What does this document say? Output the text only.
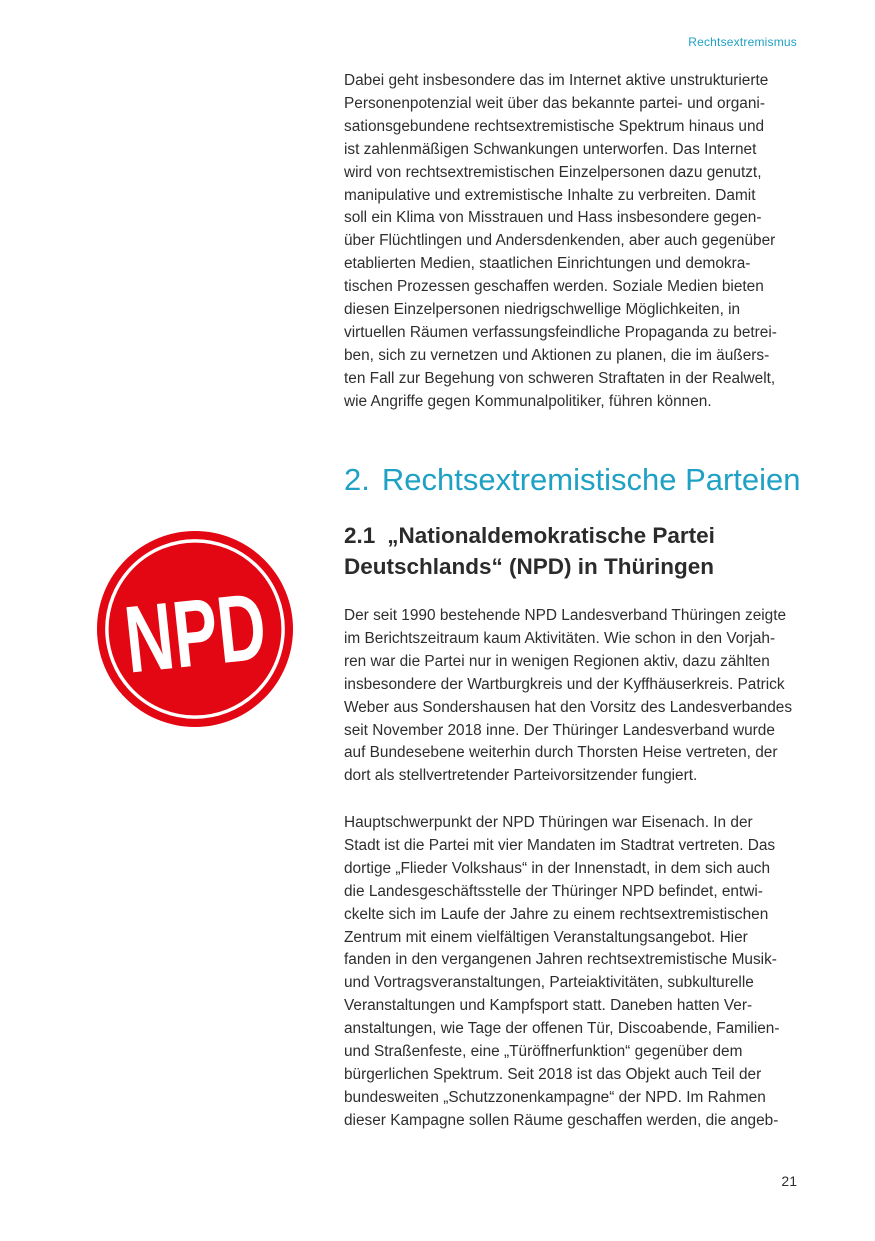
Rechtsextremismus
Dabei geht insbesondere das im Internet aktive unstrukturierte
Personenpotenzial weit über das bekannte partei- und organi-
sationsgebundene rechtsextremistische Spektrum hinaus und
ist zahlenmäßigen Schwankungen unterworfen. Das Internet
wird von rechtsextremistischen Einzelpersonen dazu genutzt,
manipulative und extremistische Inhalte zu verbreiten. Damit
soll ein Klima von Misstrauen und Hass insbesondere gegen-
über Flüchtlingen und Andersdenkenden, aber auch gegenüber
etablierten Medien, staatlichen Einrichtungen und demokra-
tischen Prozessen geschaffen werden. Soziale Medien bieten
diesen Einzelpersonen niedrigschwellige Möglichkeiten, in
virtuellen Räumen verfassungsfeindliche Propaganda zu betrei-
ben, sich zu vernetzen und Aktionen zu planen, die im äußers-
ten Fall zur Begehung von schweren Straftaten in der Realwelt,
wie Angriffe gegen Kommunalpolitiker, führen können.
2. Rechtsextremistische Parteien
2.1 „Nationaldemokratische Partei
Deutschlands“ (NPD) in Thüringen
NPD Der seit 1990 bestehende NPD Landesverband Thüringen zeigte
im Berichtszeitraum kaum Aktivitäten. Wie schon in den Vorjah-
ren war die Partei nur in wenigen Regionen aktiv, dazu zählten
insbesondere der Wartburgkreis und der Kyffhäuserkreis. Patrick
Weber aus Sondershausen hat den Vorsitz des Landesverbandes
seit November 2018 inne. Der Thüringer Landesverband wurde
auf Bundesebene weiterhin durch Thorsten Heise vertreten, der
dort als stellvertretender Parteivorsitzender fungiert.
Hauptschwerpunkt der NPD Thüringen war Eisenach. In der
Stadt ist die Partei mit vier Mandaten im Stadtrat vertreten. Das
dortige „Flieder Volkshaus“ in der Innenstadt, in dem sich auch
die Landesgeschäftsstelle der Thüringer NPD befindet, entwi-
ckelte sich im Laufe der Jahre zu einem rechtsextremistischen
Zentrum mit einem vielfältigen Veranstaltungsangebot. Hier
fanden in den vergangenen Jahren rechtsextremistische Musik-
und Vortragsveranstaltungen, Parteiaktivitäten, subkulturelle
Veranstaltungen und Kampfsport statt. Daneben hatten Ver-
anstaltungen, wie Tage der offenen Tür, Discoabende, Familien-
und Straßenfeste, eine „Türöffnerfunktion“ gegenüber dem
bürgerlichen Spektrum. Seit 2018 ist das Objekt auch Teil der
bundesweiten „Schutzzonenkampagne“ der NPD. Im Rahmen
dieser Kampagne sollen Räume geschaffen werden, die angeb-
21
